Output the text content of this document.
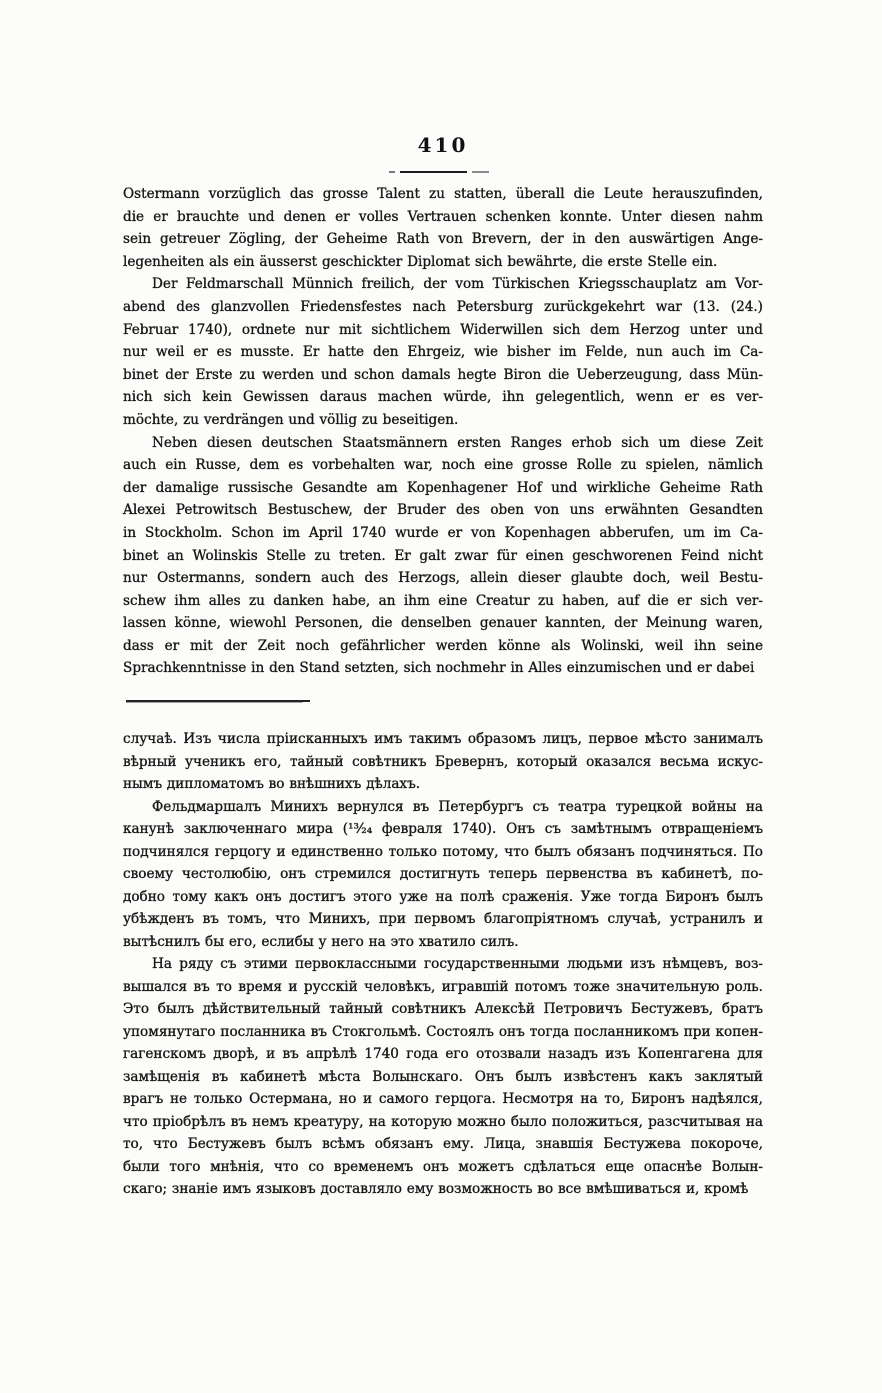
410
Ostermann vorzüglich das grosse Talent zu statten, überall die Leute herauszufinden,
die er brauchte und denen er volles Vertrauen schenken konnte. Unter diesen nahm
sein getreuer Zögling, der Geheime Rath von Brevern, der in den auswärtigen Ange-
legenheiten als ein äusserst geschickter Diplomat sich bewährte, die erste Stelle ein.
Der Feldmarschall Münnich freilich, der vom Türkischen Kriegsschauplatz am Vor-
abend des glanzvollen Friedensfestes nach Petersburg zurückgekehrt war (13. (24.)
Februar 1740), ordnete nur mit sichtlichem Widerwillen sich dem Herzog unter und
nur weil er es musste. Er hatte den Ehrgeiz, wie bisher im Felde, nun auch im Ca-
binet der Erste zu werden und schon damals hegte Biron die Ueberzeugung, dass Mün-
nich sich kein Gewissen daraus machen würde, ihn gelegentlich, wenn er es ver-
möchte, zu verdrängen und völlig zu beseitigen.
Neben diesen deutschen Staatsmännern ersten Ranges erhob sich um diese Zeit
auch ein Russe, dem es vorbehalten war, noch eine grosse Rolle zu spielen, nämlich
der damalige russische Gesandte am Kopenhagener Hof und wirkliche Geheime Rath
Alexei Petrowitsch Bestuschew, der Bruder des oben von uns erwähnten Gesandten
in Stockholm. Schon im April 1740 wurde er von Kopenhagen abberufen, um im Ca-
binet an Wolinskis Stelle zu treten. Er galt zwar für einen geschworenen Feind nicht
nur Ostermanns, sondern auch des Herzogs, allein dieser glaubte doch, weil Bestu-
schew ihm alles zu danken habe, an ihm eine Creatur zu haben, auf die er sich ver-
lassen könne, wiewohl Personen, die denselben genauer kannten, der Meinung waren,
dass er mit der Zeit noch gefährlicher werden könne als Wolinski, weil ihn seine
Sprachkenntnisse in den Stand setzten, sich nochmehr in Alles einzumischen und er dabei
случаѣ. Изъ числа пріисканныхъ имъ такимъ образомъ лицъ, первое мѣсто занималъ
вѣрный ученикъ его, тайный совѣтникъ Бревернъ, который оказался весьма искус-
нымъ дипломатомъ во внѣшнихъ дѣлахъ.
Фельдмаршалъ Минихъ вернулся въ Петербургъ съ театра турецкой войны на
канунѣ заключеннаго мира (¹³⁄₂₄ февраля 1740). Онъ съ замѣтнымъ отвращеніемъ
подчинялся герцогу и единственно только потому, что былъ обязанъ подчиняться. По
своему честолюбію, онъ стремился достигнуть теперь первенства въ кабинетѣ, по-
добно тому какъ онъ достигъ этого уже на полѣ сраженія. Уже тогда Биронъ былъ
убѣжденъ въ томъ, что Минихъ, при первомъ благопріятномъ случаѣ, устранилъ и
вытѣснилъ бы его, еслибы у него на это хватило силъ.
На ряду съ этими первоклассными государственными людьми изъ нѣмцевъ, воз-
вышался въ то время и русскій человѣкъ, игравшій потомъ тоже значительную роль.
Это былъ дѣйствительный тайный совѣтникъ Алексѣй Петровичъ Бестужевъ, братъ
упомянутаго посланника въ Стокгольмѣ. Состоялъ онъ тогда посланникомъ при копен-
гагенскомъ дворѣ, и въ апрѣлѣ 1740 года его отозвали назадъ изъ Копенгагена для
замѣщенія въ кабинетѣ мѣста Волынскаго. Онъ былъ извѣстенъ какъ заклятый
врагъ не только Остермана, но и самого герцога. Несмотря на то, Биронъ надѣялся,
что пріобрѣлъ въ немъ креатуру, на которую можно было положиться, разсчитывая на
то, что Бестужевъ былъ всѣмъ обязанъ ему. Лица, знавшія Бестужева покороче,
были того мнѣнія, что со временемъ онъ можетъ сдѣлаться еще опаснѣе Волын-
скаго; знаніе имъ языковъ доставляло ему возможность во все вмѣшиваться и, кромѣ
